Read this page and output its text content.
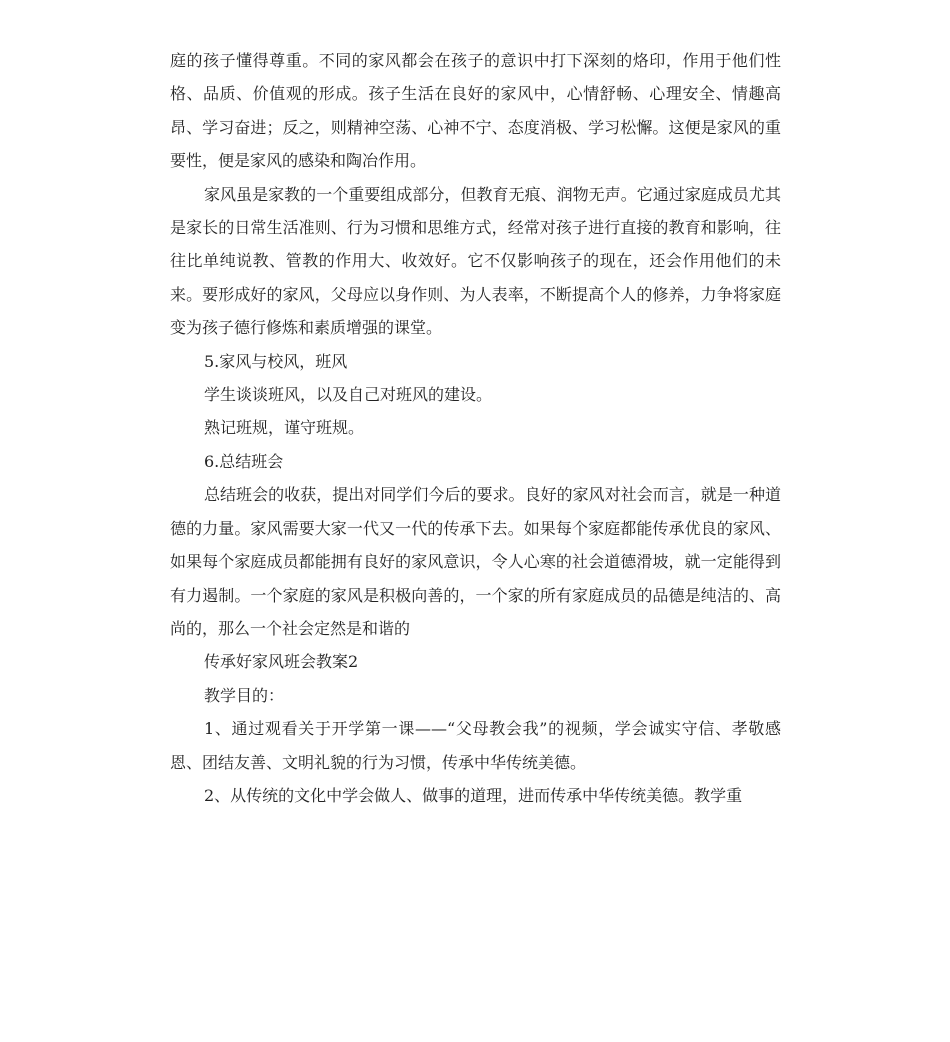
庭的孩子懂得尊重。不同的家风都会在孩子的意识中打下深刻的烙印，作用于他们性格、品质、价值观的形成。孩子生活在良好的家风中，心情舒畅、心理安全、情趣高昂、学习奋进；反之，则精神空荡、心神不宁、态度消极、学习松懈。这便是家风的重要性，便是家风的感染和陶冶作用。

家风虽是家教的一个重要组成部分，但教育无痕、润物无声。它通过家庭成员尤其是家长的日常生活准则、行为习惯和思维方式，经常对孩子进行直接的教育和影响，往往比单纯说教、管教的作用大、收效好。它不仅影响孩子的现在，还会作用他们的未来。要形成好的家风，父母应以身作则、为人表率，不断提高个人的修养，力争将家庭变为孩子德行修炼和素质增强的课堂。

5.家风与校风，班风

学生谈谈班风，以及自己对班风的建设。

熟记班规，谨守班规。

6.总结班会

总结班会的收获，提出对同学们今后的要求。良好的家风对社会而言，就是一种道德的力量。家风需要大家一代又一代的传承下去。如果每个家庭都能传承优良的家风、如果每个家庭成员都能拥有良好的家风意识，令人心寒的社会道德滑坡，就一定能得到有力遏制。一个家庭的家风是积极向善的，一个家的所有家庭成员的品德是纯洁的、高尚的，那么一个社会定然是和谐的

传承好家风班会教案2

教学目的：

1、通过观看关于开学第一课——“父母教会我”的视频，学会诚实守信、孝敬感恩、团结友善、文明礼貌的行为习惯，传承中华传统美德。

2、从传统的文化中学会做人、做事的道理，进而传承中华传统美德。教学重
